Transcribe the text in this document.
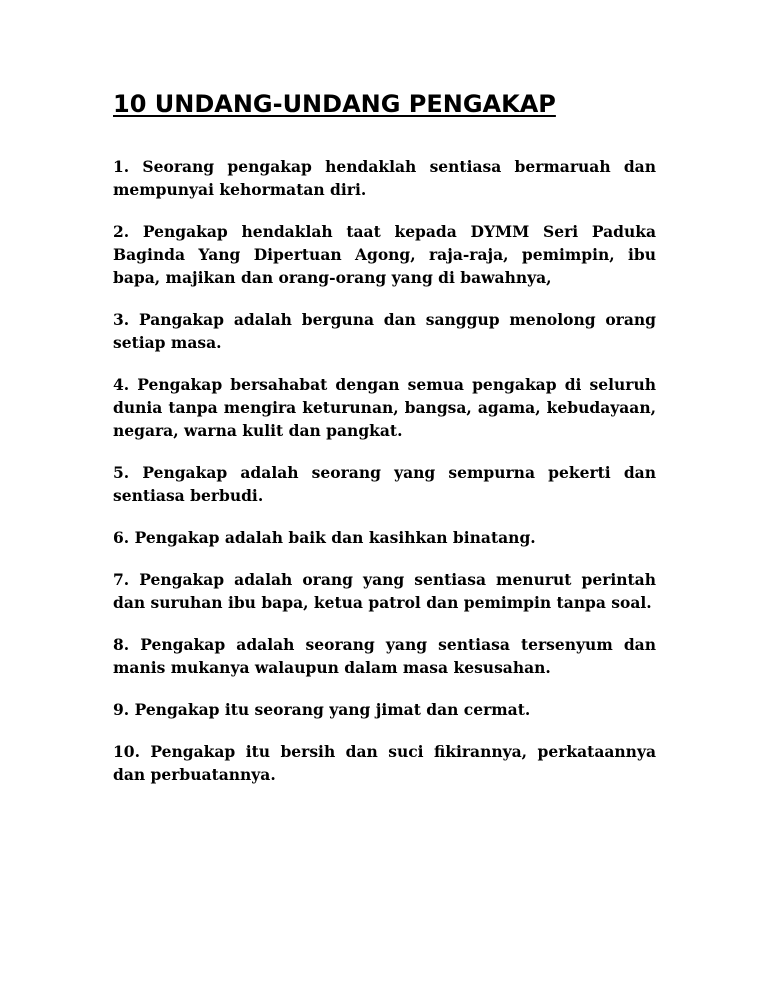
10 UNDANG-UNDANG PENGAKAP
1. Seorang pengakap hendaklah sentiasa bermaruah dan mempunyai kehormatan diri.
2. Pengakap hendaklah taat kepada DYMM Seri Paduka Baginda Yang Dipertuan Agong, raja-raja, pemimpin, ibu bapa, majikan dan orang-orang yang di bawahnya,
3. Pangakap adalah berguna dan sanggup menolong orang setiap masa.
4. Pengakap bersahabat dengan semua pengakap di seluruh dunia tanpa mengira keturunan, bangsa, agama, kebudayaan, negara, warna kulit dan pangkat.
5. Pengakap adalah seorang yang sempurna pekerti dan sentiasa berbudi.
6. Pengakap adalah baik dan kasihkan binatang.
7. Pengakap adalah orang yang sentiasa menurut perintah dan suruhan ibu bapa, ketua patrol dan pemimpin tanpa soal.
8. Pengakap adalah seorang yang sentiasa tersenyum dan manis mukanya walaupun dalam masa kesusahan.
9. Pengakap itu seorang yang jimat dan cermat.
10. Pengakap itu bersih dan suci fikirannya, perkataannya dan perbuatannya.
